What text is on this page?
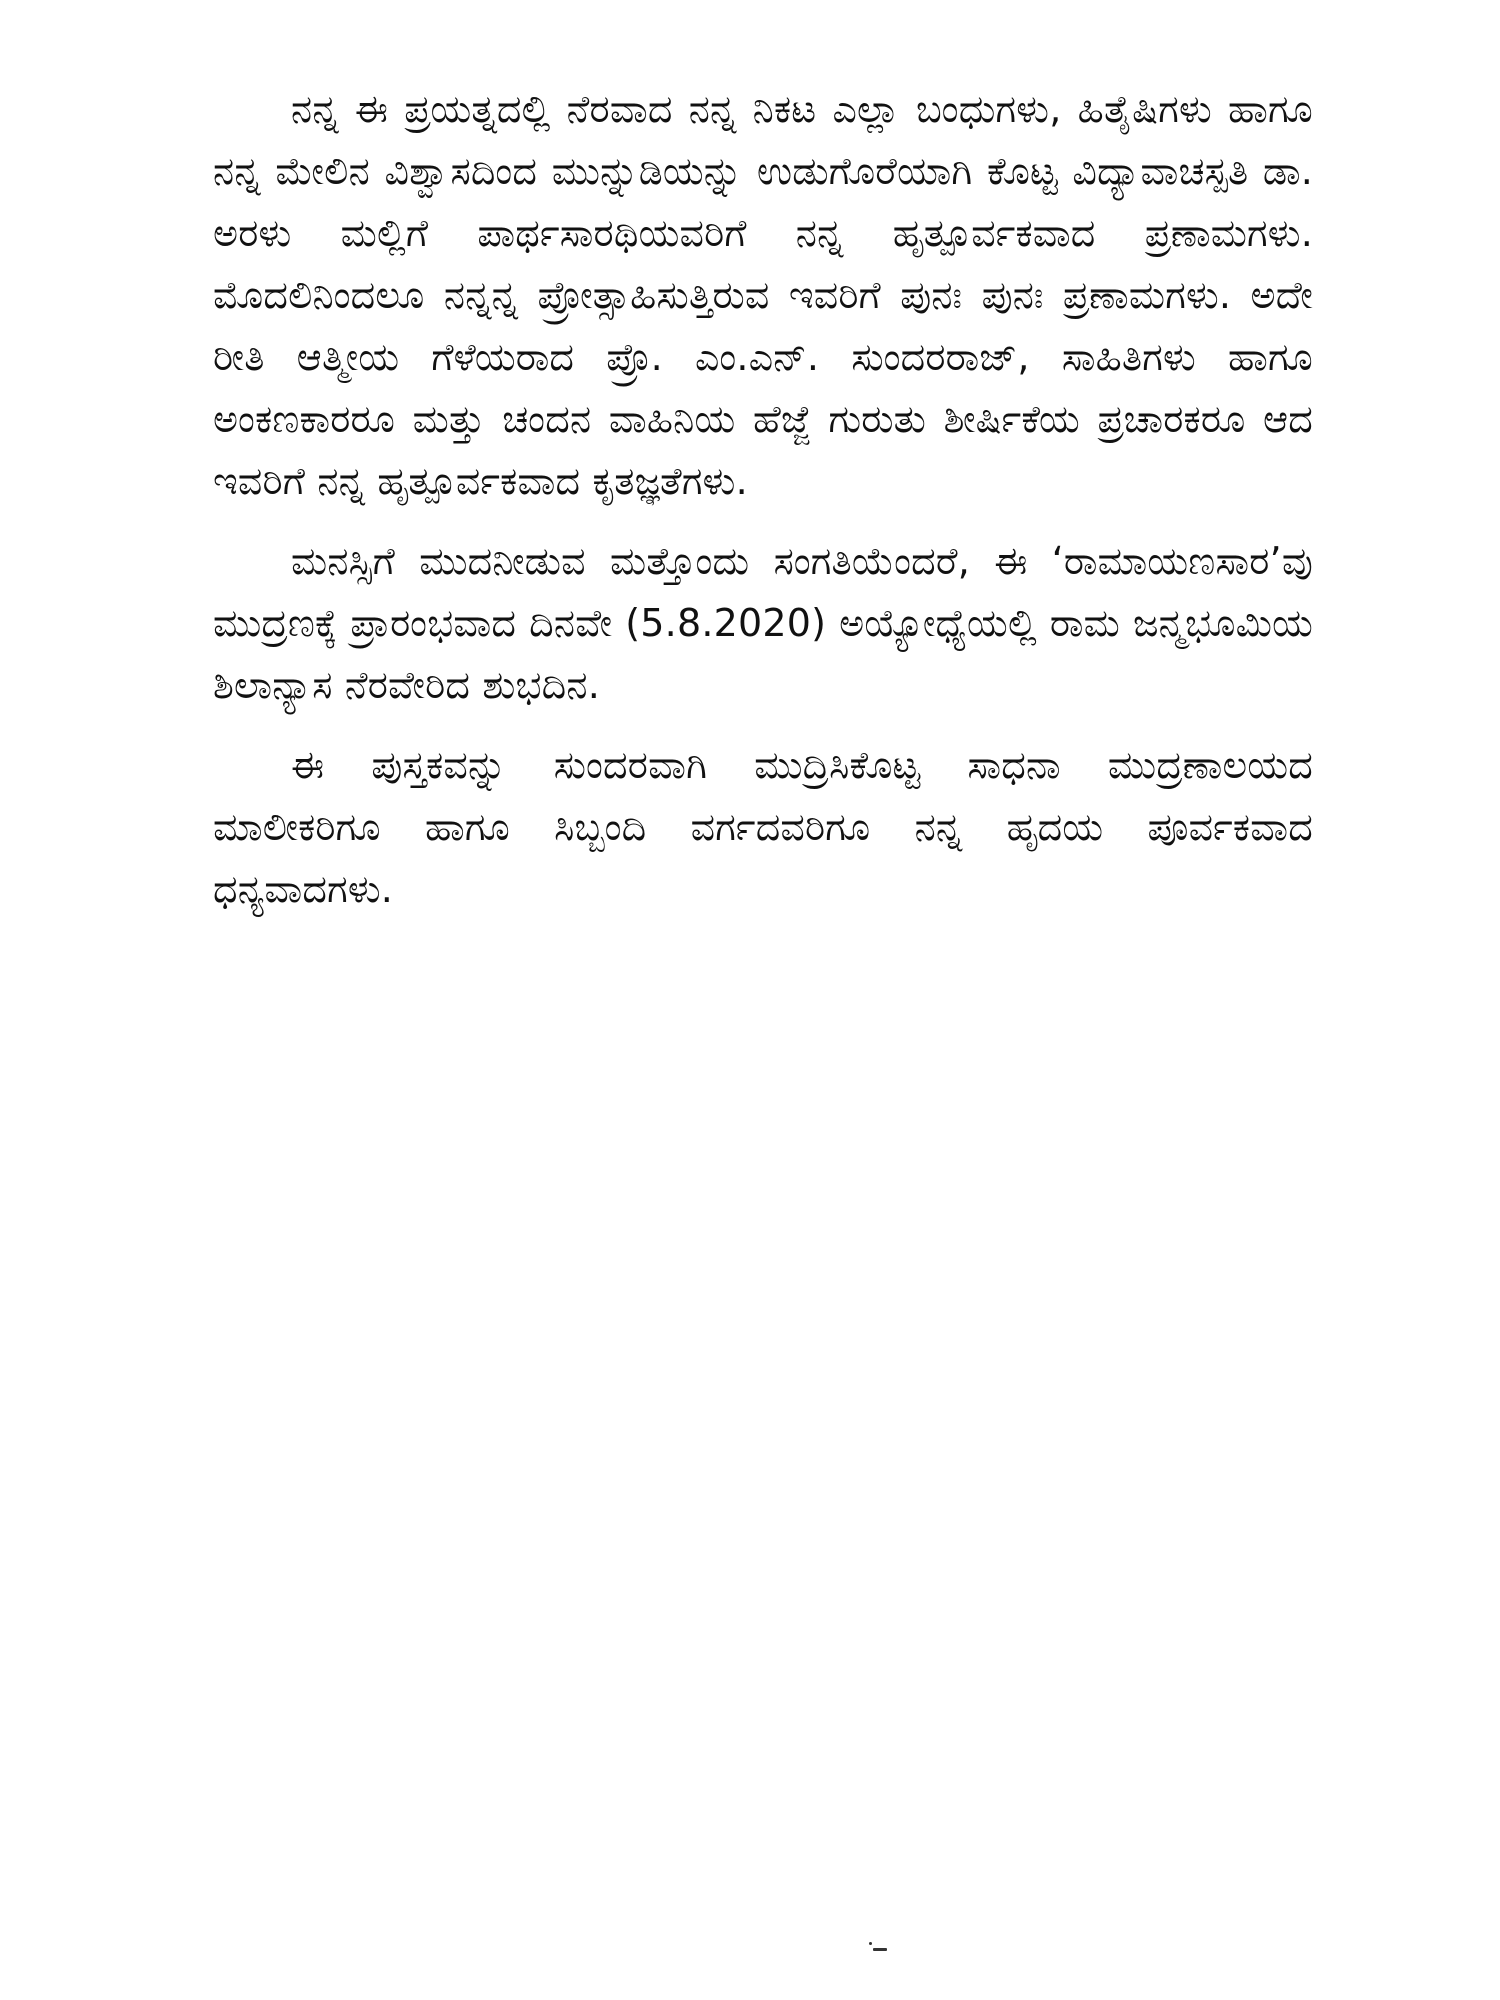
ನನ್ನ ಈ ಪ್ರಯತ್ನದಲ್ಲಿ ನೆರವಾದ ನನ್ನ ನಿಕಟ ಎಲ್ಲಾ ಬಂಧುಗಳು, ಹಿತೈಷಿಗಳು ಹಾಗೂ ನನ್ನ ಮೇಲಿನ ವಿಶ್ವಾಸದಿಂದ ಮುನ್ನುಡಿಯನ್ನು ಉಡುಗೊರೆಯಾಗಿ ಕೊಟ್ಟ ವಿದ್ಯಾವಾಚಸ್ಪತಿ ಡಾ. ಅರಳು ಮಲ್ಲಿಗೆ ಪಾರ್ಥಸಾರಥಿಯವರಿಗೆ ನನ್ನ ಹೃತ್ಪೂರ್ವಕವಾದ ಪ್ರಣಾಮಗಳು. ಮೊದಲಿನಿಂದಲೂ ನನ್ನನ್ನ ಪ್ರೋತ್ಸಾಹಿಸುತ್ತಿರುವ ಇವರಿಗೆ ಪುನಃ ಪುನಃ ಪ್ರಣಾಮಗಳು. ಅದೇ ರೀತಿ ಆತ್ಮೀಯ ಗೆಳೆಯರಾದ ಪ್ರೊ. ಎಂ.ಎನ್. ಸುಂದರರಾಜ್, ಸಾಹಿತಿಗಳು ಹಾಗೂ ಅಂಕಣಕಾರರೂ ಮತ್ತು ಚಂದನ ವಾಹಿನಿಯ ಹೆಜ್ಜೆ ಗುರುತು ಶೀರ್ಷಿಕೆಯ ಪ್ರಚಾರಕರೂ ಆದ ಇವರಿಗೆ ನನ್ನ ಹೃತ್ಪೂರ್ವಕವಾದ ಕೃತಜ್ಞತೆಗಳು.

ಮನಸ್ಸಿಗೆ ಮುದನೀಡುವ ಮತ್ತೊಂದು ಸಂಗತಿಯೆಂದರೆ, ಈ ‘ರಾಮಾಯಣಸಾರ’ವು ಮುದ್ರಣಕ್ಕೆ ಪ್ರಾರಂಭವಾದ ದಿನವೇ (5.8.2020) ಅಯ್ಯೋಧ್ಯೆಯಲ್ಲಿ ರಾಮ ಜನ್ಮಭೂಮಿಯ ಶಿಲಾನ್ಯಾಸ ನೆರವೇರಿದ ಶುಭದಿನ.

ಈ ಪುಸ್ತಕವನ್ನು ಸುಂದರವಾಗಿ ಮುದ್ರಿಸಿಕೊಟ್ಟ ಸಾಧನಾ ಮುದ್ರಣಾಲಯದ ಮಾಲೀಕರಿಗೂ ಹಾಗೂ ಸಿಬ್ಬಂದಿ ವರ್ಗದವರಿಗೂ ನನ್ನ ಹೃದಯ ಪೂರ್ವಕವಾದ ಧನ್ಯವಾದಗಳು.
